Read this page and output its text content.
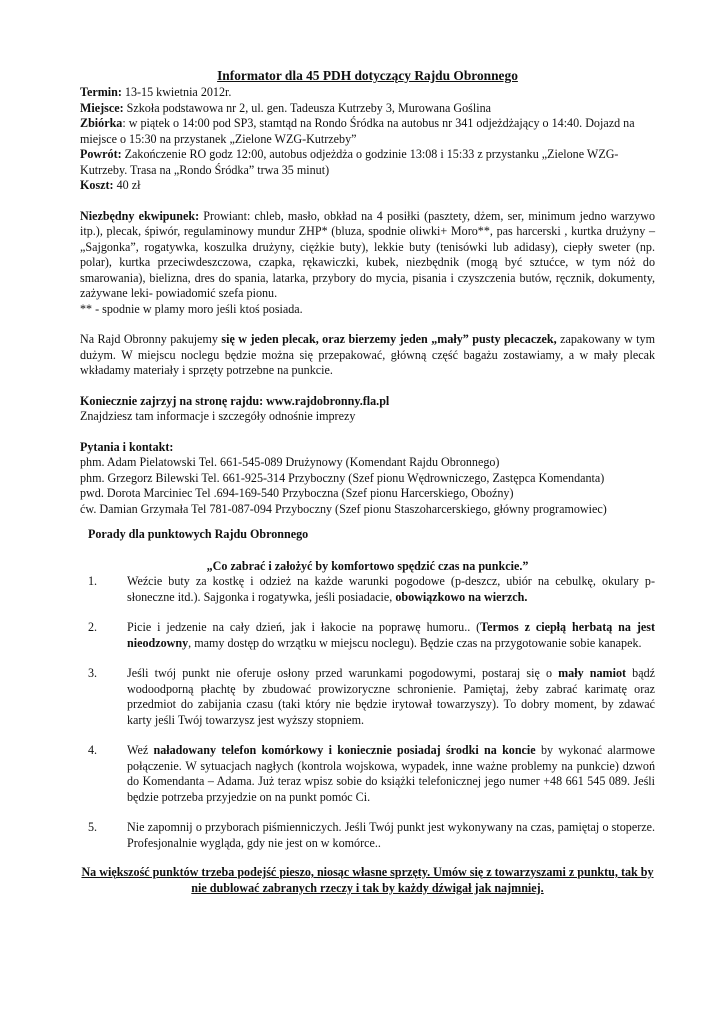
Informator dla 45 PDH dotyczący Rajdu Obronnego

Termin: 13-15 kwietnia 2012r.

Miejsce: Szkoła podstawowa nr 2, ul. gen. Tadeusza Kutrzeby 3, Murowana Goślina

Zbiórka: w piątek o 14:00 pod SP3, stamtąd na Rondo Śródka na autobus nr 341 odjeżdżający o 14:40. Dojazd na miejsce o 15:30 na przystanek „Zielone WZG-Kutrzeby”

Powrót: Zakończenie RO godz 12:00, autobus odjeżdża o godzinie 13:08 i 15:33 z przystanku „Zielone WZG-Kutrzeby. Trasa na „Rondo Śródka” trwa 35 minut)

Koszt: 40 zł

Niezbędny ekwipunek: Prowiant: chleb, masło, obkład na 4 posiłki (pasztety, dżem, ser, minimum jedno warzywo itp.), plecak, śpiwór, regulaminowy mundur ZHP* (bluza, spodnie oliwki+ Moro**, pas harcerski , kurtka drużyny – „Sajgonka”, rogatywka, koszulka drużyny, ciężkie buty), lekkie buty (tenisówki lub adidasy), ciepły sweter (np. polar), kurtka przeciwdeszczowa, czapka, rękawiczki, kubek, niezbędnik (mogą być sztućce, w tym nóż do smarowania), bielizna, dres do spania, latarka, przybory do mycia, pisania i czyszczenia butów, ręcznik, dokumenty, zażywane leki- powiadomić szefa pionu.

** - spodnie w plamy moro jeśli ktoś posiada.

Na Rajd Obronny pakujemy się w jeden plecak, oraz bierzemy jeden „mały” pusty plecaczek, zapakowany w tym dużym. W miejscu noclegu będzie można się przepakować, główną część bagażu zostawiamy, a w mały plecak wkładamy materiały i sprzęty potrzebne na punkcie.

Koniecznie zajrzyj na stronę rajdu: www.rajdobronny.fla.pl

Znajdziesz tam informacje i szczegóły odnośnie imprezy

Pytania i kontakt:

phm. Adam Pielatowski Tel. 661-545-089 Drużynowy (Komendant Rajdu Obronnego)

phm. Grzegorz Bilewski Tel. 661-925-314 Przyboczny (Szef pionu Wędrowniczego, Zastępca Komendanta)

pwd. Dorota Marciniec Tel .694-169-540 Przyboczna (Szef pionu Harcerskiego, Oboźny)

ćw. Damian Grzymała Tel 781-087-094 Przyboczny (Szef pionu Staszoharcerskiego, główny programowiec)

Porady dla punktowych Rajdu Obronnego

„Co zabrać i założyć by komfortowo spędzić czas na punkcie.”

1. Weźcie buty za kostkę i odzież na każde warunki pogodowe (p-deszcz, ubiór na cebulkę, okulary p-słoneczne itd.). Sajgonka i rogatywka, jeśli posiadacie, obowiązkowo na wierzch.

2. Picie i jedzenie na cały dzień, jak i łakocie na poprawę humoru.. (Termos z ciepłą herbatą na jest nieodzowny, mamy dostęp do wrzątku w miejscu noclegu). Będzie czas na przygotowanie sobie kanapek.

3. Jeśli twój punkt nie oferuje osłony przed warunkami pogodowymi, postaraj się o mały namiot bądź wodoodporną płachtę by zbudować prowizoryczne schronienie. Pamiętaj, żeby zabrać karimatę oraz przedmiot do zabijania czasu (taki który nie będzie irytował towarzyszy). To dobry moment, by zdawać karty jeśli Twój towarzysz jest wyższy stopniem.

4. Weź naładowany telefon komórkowy i koniecznie posiadaj środki na koncie by wykonać alarmowe połączenie. W sytuacjach nagłych (kontrola wojskowa, wypadek, inne ważne problemy na punkcie) dzwoń do Komendanta – Adama. Już teraz wpisz sobie do książki telefonicznej jego numer +48 661 545 089. Jeśli będzie potrzeba przyjedzie on na punkt pomóc Ci.

5. Nie zapomnij o przyborach piśmienniczych. Jeśli Twój punkt jest wykonywany na czas, pamiętaj o stoperze. Profesjonalnie wygląda, gdy nie jest on w komórce..

Na większość punktów trzeba podejść pieszo, niosąc własne sprzęty. Umów się z towarzyszami z punktu, tak by nie dublować zabranych rzeczy i tak by każdy dźwigał jak najmniej.
